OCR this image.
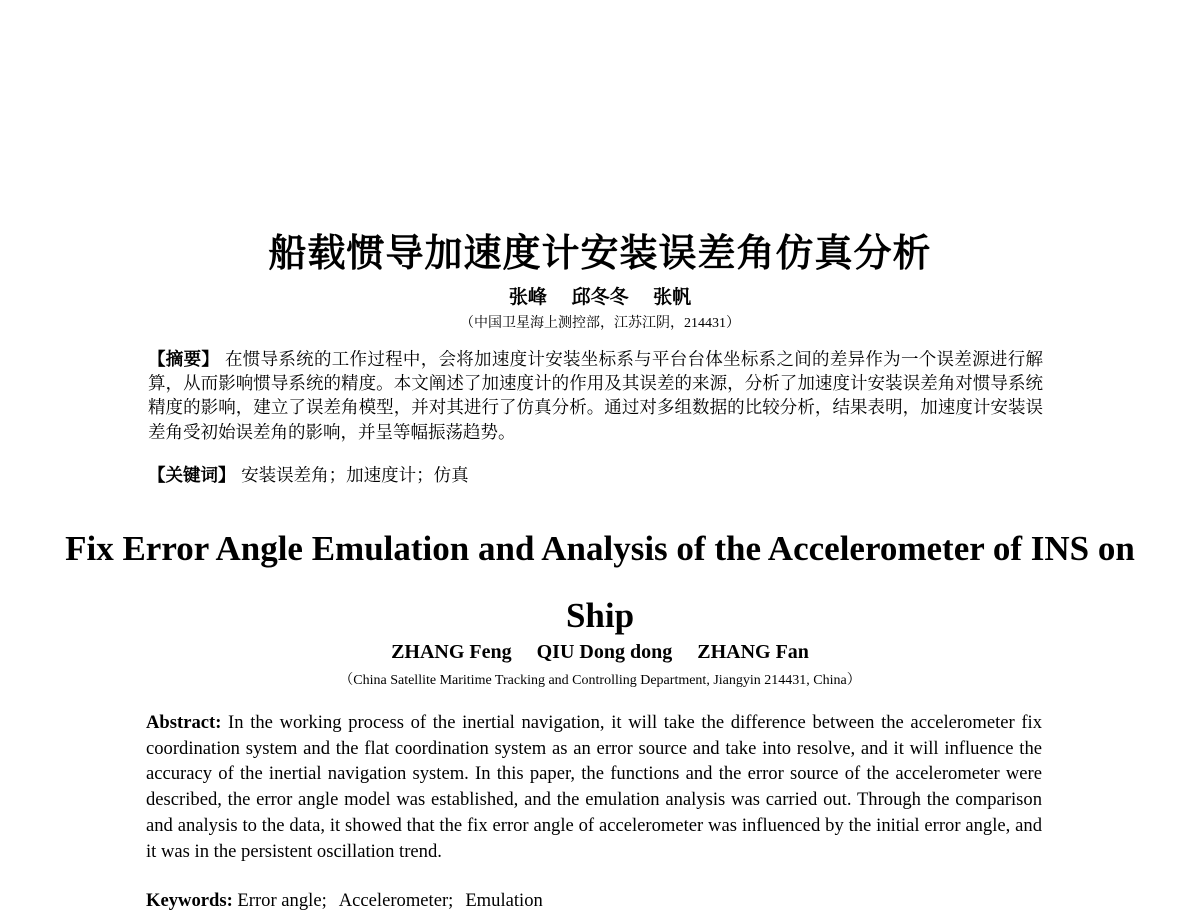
船载惯导加速度计安装误差角仿真分析
张峰 邱冬冬 张帆
（中国卫星海上测控部，江苏江阴，214431）
【摘要】 在惯导系统的工作过程中，会将加速度计安装坐标系与平台台体坐标系之间的差异作为一个误差源进行解算，从而影响惯导系统的精度。本文阐述了加速度计的作用及其误差的来源，分析了加速度计安装误差角对惯导系统精度的影响，建立了误差角模型，并对其进行了仿真分析。通过对多组数据的比较分析，结果表明，加速度计安装误差角受初始误差角的影响，并呈等幅振荡趋势。
【关键词】 安装误差角；加速度计；仿真
Fix Error Angle Emulation and Analysis of the Accelerometer of INS on Ship
ZHANG Feng QIU Dong dong ZHANG Fan
（China Satellite Maritime Tracking and Controlling Department, Jiangyin 214431, China）
Abstract: In the working process of the inertial navigation, it will take the difference between the accelerometer fix coordination system and the flat coordination system as an error source and take into resolve, and it will influence the accuracy of the inertial navigation system. In this paper, the functions and the error source of the accelerometer were described, the error angle model was established, and the emulation analysis was carried out. Through the comparison and analysis to the data, it showed that the fix error angle of accelerometer was influenced by the initial error angle, and it was in the persistent oscillation trend.
Keywords: Error angle; Accelerometer; Emulation
